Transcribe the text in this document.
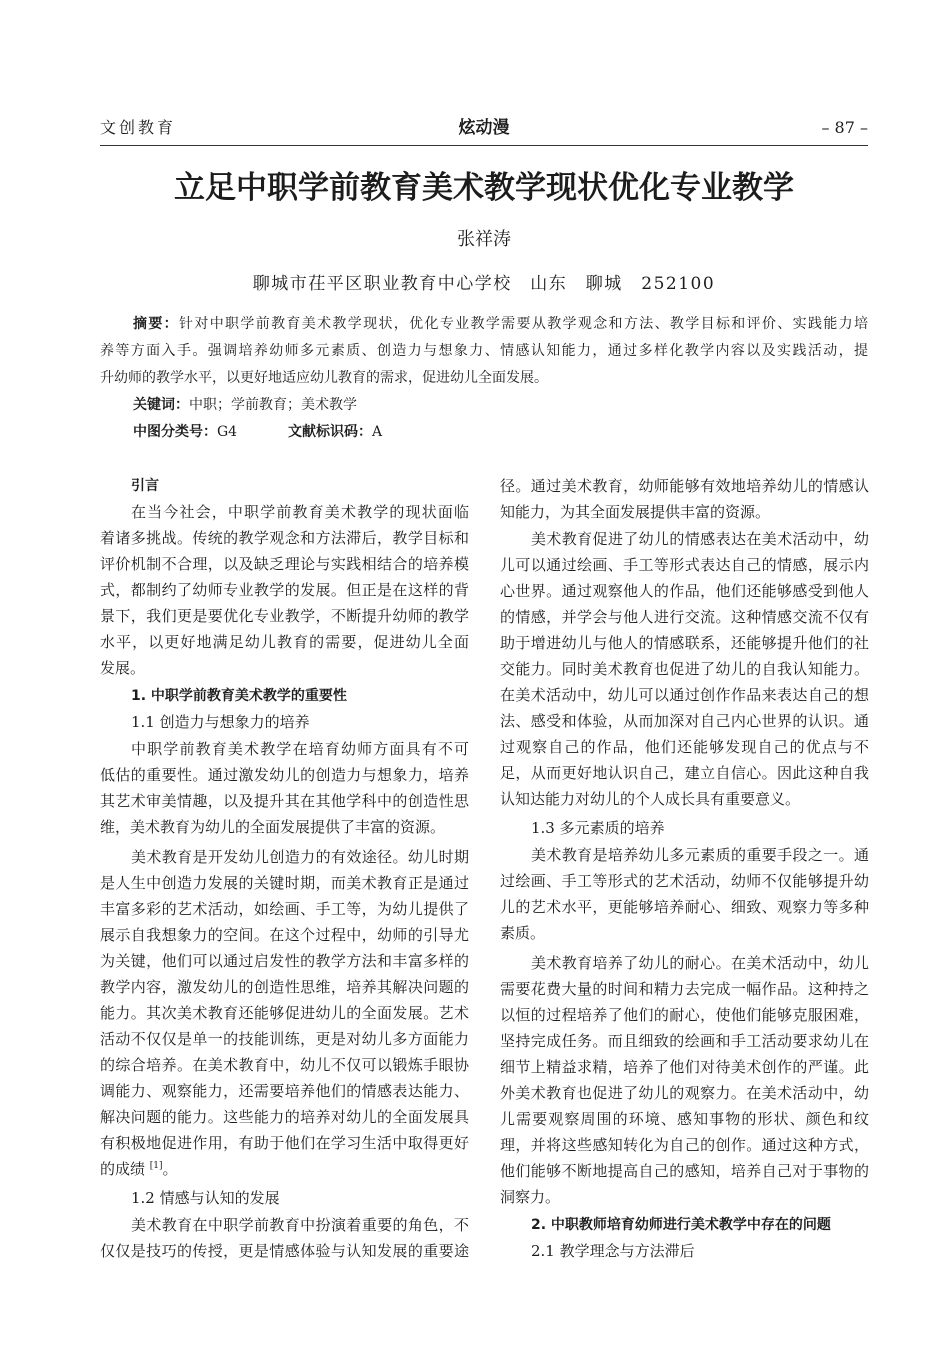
文创教育	炫动漫	– 87 –
立足中职学前教育美术教学现状优化专业教学
张祥涛
聊城市茌平区职业教育中心学校　山东　聊城　252100
摘要：针对中职学前教育美术教学现状，优化专业教学需要从教学观念和方法、教学目标和评价、实践能力培
养等方面入手。强调培养幼师多元素质、创造力与想象力、情感认知能力，通过多样化教学内容以及实践活动，提
升幼师的教学水平，以更好地适应幼儿教育的需求，促进幼儿全面发展。
关键词：中职；学前教育；美术教学
中图分类号：G4	文献标识码：A
引言
在当今社会，中职学前教育美术教学的现状面临
着诸多挑战。传统的教学观念和方法滞后，教学目标和
评价机制不合理，以及缺乏理论与实践相结合的培养模
式，都制约了幼师专业教学的发展。但正是在这样的背
景下，我们更是要优化专业教学，不断提升幼师的教学
水平，以更好地满足幼儿教育的需要，促进幼儿全面
发展。
1. 中职学前教育美术教学的重要性
1.1 创造力与想象力的培养
中职学前教育美术教学在培育幼师方面具有不可
低估的重要性。通过激发幼儿的创造力与想象力，培养
其艺术审美情趣，以及提升其在其他学科中的创造性思
维，美术教育为幼儿的全面发展提供了丰富的资源。
美术教育是开发幼儿创造力的有效途径。幼儿时期
是人生中创造力发展的关键时期，而美术教育正是通过
丰富多彩的艺术活动，如绘画、手工等，为幼儿提供了
展示自我想象力的空间。在这个过程中，幼师的引导尤
为关键，他们可以通过启发性的教学方法和丰富多样的
教学内容，激发幼儿的创造性思维，培养其解决问题的
能力。其次美术教育还能够促进幼儿的全面发展。艺术
活动不仅仅是单一的技能训练，更是对幼儿多方面能力
的综合培养。在美术教育中，幼儿不仅可以锻炼手眼协
调能力、观察能力，还需要培养他们的情感表达能力、
解决问题的能力。这些能力的培养对幼儿的全面发展具
有积极地促进作用，有助于他们在学习生活中取得更好
的成绩 [1]。
1.2 情感与认知的发展
美术教育在中职学前教育中扮演着重要的角色，不
仅仅是技巧的传授，更是情感体验与认知发展的重要途
径。通过美术教育，幼师能够有效地培养幼儿的情感认
知能力，为其全面发展提供丰富的资源。
美术教育促进了幼儿的情感表达在美术活动中，幼
儿可以通过绘画、手工等形式表达自己的情感，展示内
心世界。通过观察他人的作品，他们还能够感受到他人
的情感，并学会与他人进行交流。这种情感交流不仅有
助于增进幼儿与他人的情感联系，还能够提升他们的社
交能力。同时美术教育也促进了幼儿的自我认知能力。
在美术活动中，幼儿可以通过创作作品来表达自己的想
法、感受和体验，从而加深对自己内心世界的认识。通
过观察自己的作品，他们还能够发现自己的优点与不
足，从而更好地认识自己，建立自信心。因此这种自我
认知达能力对幼儿的个人成长具有重要意义。
1.3 多元素质的培养
美术教育是培养幼儿多元素质的重要手段之一。通
过绘画、手工等形式的艺术活动，幼师不仅能够提升幼
儿的艺术水平，更能够培养耐心、细致、观察力等多种
素质。
美术教育培养了幼儿的耐心。在美术活动中，幼儿
需要花费大量的时间和精力去完成一幅作品。这种持之
以恒的过程培养了他们的耐心，使他们能够克服困难，
坚持完成任务。而且细致的绘画和手工活动要求幼儿在
细节上精益求精，培养了他们对待美术创作的严谨。此
外美术教育也促进了幼儿的观察力。在美术活动中，幼
儿需要观察周围的环境、感知事物的形状、颜色和纹
理，并将这些感知转化为自己的创作。通过这种方式，
他们能够不断地提高自己的感知，培养自己对于事物的
洞察力。
2. 中职教师培育幼师进行美术教学中存在的问题
2.1 教学理念与方法滞后
